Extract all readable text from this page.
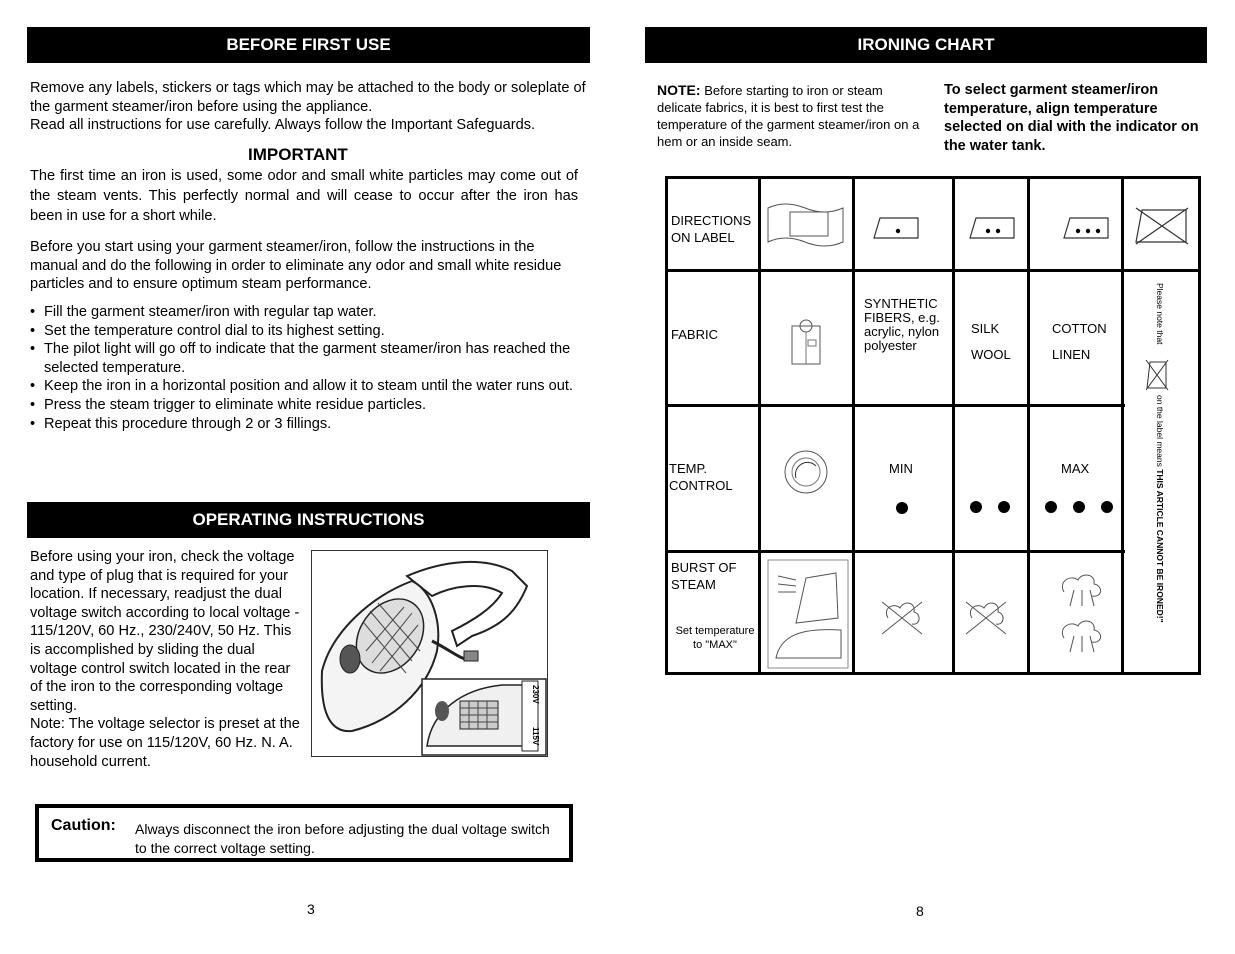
BEFORE FIRST USE

Remove any labels, stickers or tags which may be attached to the body or soleplate of the garment steamer/iron before using the appliance.

Read all instructions for use carefully. Always follow the Important Safeguards.

IMPORTANT
The first time an iron is used, some odor and small white particles may come out of the steam vents. This perfectly normal and will cease to occur after the iron has been in use for a short while.
Before you start using your garment steamer/iron, follow the instructions in the manual and do the following in order to eliminate any odor and small white residue particles and to ensure optimum steam performance.
• Fill the garment steamer/iron with regular tap water.
• Set the temperature control dial to its highest setting.
• The pilot light will go off to indicate that the garment steamer/iron has reached the selected temperature.
• Keep the iron in a horizontal position and allow it to steam until the water runs out.
• Press the steam trigger to eliminate white residue particles.
• Repeat this procedure through 2 or 3 fillings.
OPERATING INSTRUCTIONS

Before using your iron, check the voltage and type of plug that is required for your location. If necessary, readjust the dual voltage switch according to local voltage - 115/120V, 60 Hz., 230/240V, 50 Hz. This is accomplished by sliding the dual voltage control switch located in the rear of the iron to the corresponding voltage setting.

Note: The voltage selector is preset at the factory for use on 115/120V, 60 Hz. N. A. household current.

230V
115V
Caution: Always disconnect the iron before adjusting the dual voltage switch to the correct voltage setting.
3
IRONING CHART
NOTE: Before starting to iron or steam delicate fabrics, it is best to first test the temperature of the garment steamer/iron on a hem or an inside seam.
To select garment steamer/iron temperature, align temperature selected on dial with the indicator on the water tank.
DIRECTIONS ON LABEL
FABRIC
TEMP. CONTROL
BURST OF STEAM
Set temperature to "MAX"
SYNTHETIC FIBERS, e.g. acrylic, nylon polyester
SILK
WOOL
COTTON
LINEN
MIN	MAX
Please note that
on the label means THIS ARTICLE CANNOT BE IRONED!"
8
